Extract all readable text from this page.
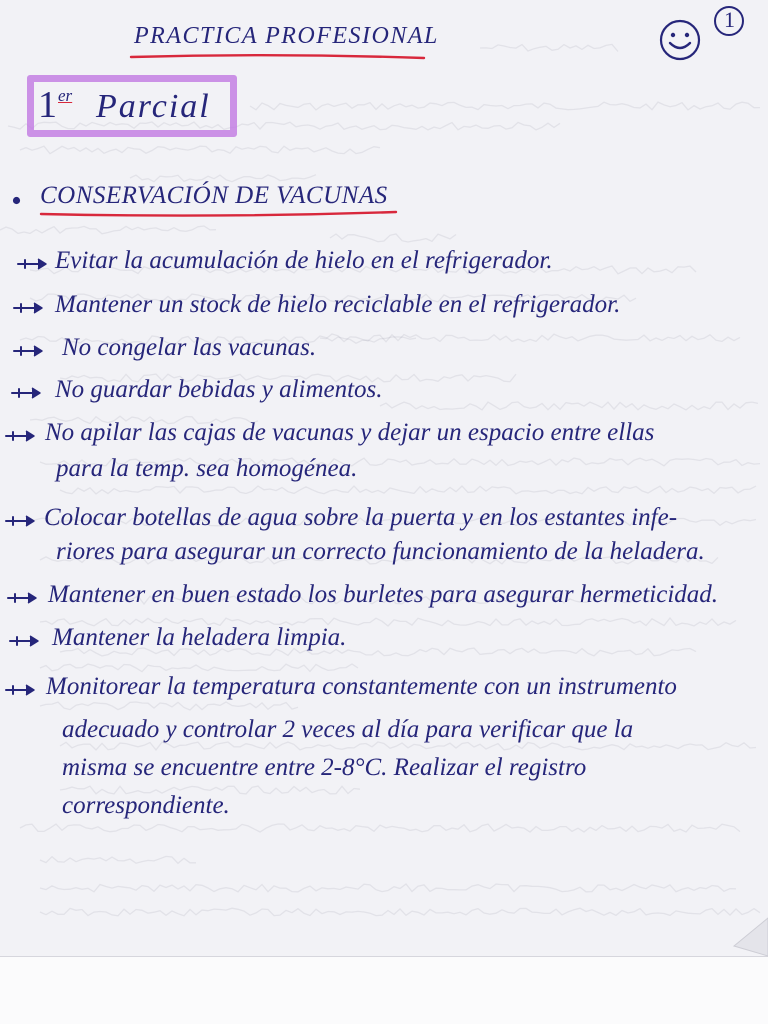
PRACTICA PROFESIONAL
1
1 er Parcial
CONSERVACIÓN DE VACUNAS
Evitar la acumulación de hielo en el refrigerador.
Mantener un stock de hielo reciclable en el refrigerador.
No congelar las vacunas.
No guardar bebidas y alimentos.
No apilar las cajas de vacunas y dejar un espacio entre ellas
para la temp. sea homogénea.
Colocar botellas de agua sobre la puerta y en los estantes infe-
riores para asegurar un correcto funcionamiento de la heladera.
Mantener en buen estado los burletes para asegurar hermeticidad.
Mantener la heladera limpia.
Monitorear la temperatura constantemente con un instrumento
adecuado y controlar 2 veces al día para verificar que la
misma se encuentre entre 2-8°C. Realizar el registro
correspondiente.
